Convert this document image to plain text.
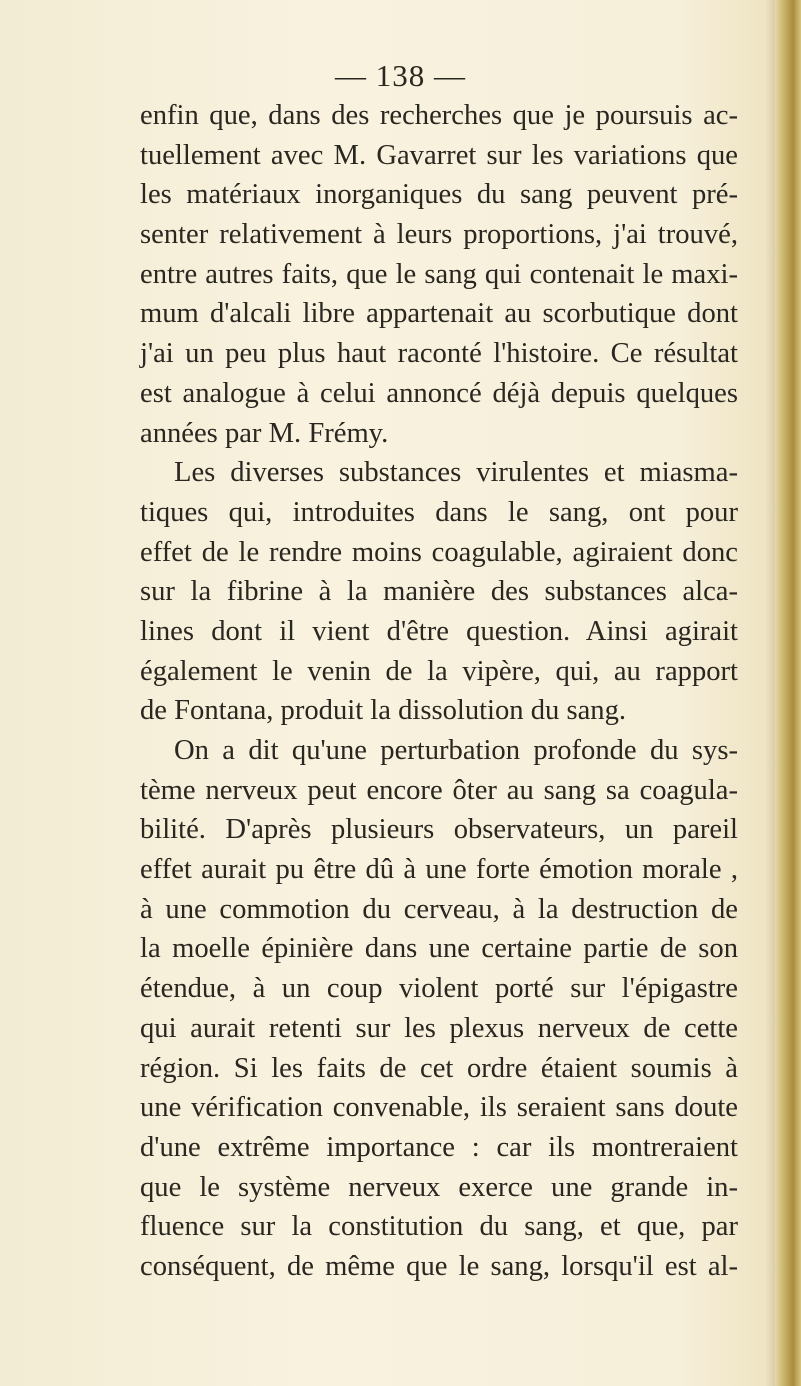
— 138 —
enfin que, dans des recherches que je poursuis ac-
tuellement avec M. Gavarret sur les variations que
les matériaux inorganiques du sang peuvent pré-
senter relativement à leurs proportions, j'ai trouvé,
entre autres faits, que le sang qui contenait le maxi-
mum d'alcali libre appartenait au scorbutique dont
j'ai un peu plus haut raconté l'histoire. Ce résultat
est analogue à celui annoncé déjà depuis quelques
années par M. Frémy.
Les diverses substances virulentes et miasma-
tiques qui, introduites dans le sang, ont pour
effet de le rendre moins coagulable, agiraient donc
sur la fibrine à la manière des substances alca-
lines dont il vient d'être question. Ainsi agirait
également le venin de la vipère, qui, au rapport
de Fontana, produit la dissolution du sang.
On a dit qu'une perturbation profonde du sys-
tème nerveux peut encore ôter au sang sa coagula-
bilité. D'après plusieurs observateurs, un pareil
effet aurait pu être dû à une forte émotion morale ,
à une commotion du cerveau, à la destruction de
la moelle épinière dans une certaine partie de son
étendue, à un coup violent porté sur l'épigastre
qui aurait retenti sur les plexus nerveux de cette
région. Si les faits de cet ordre étaient soumis à
une vérification convenable, ils seraient sans doute
d'une extrême importance : car ils montreraient
que le système nerveux exerce une grande in-
fluence sur la constitution du sang, et que, par
conséquent, de même que le sang, lorsqu'il est al-
